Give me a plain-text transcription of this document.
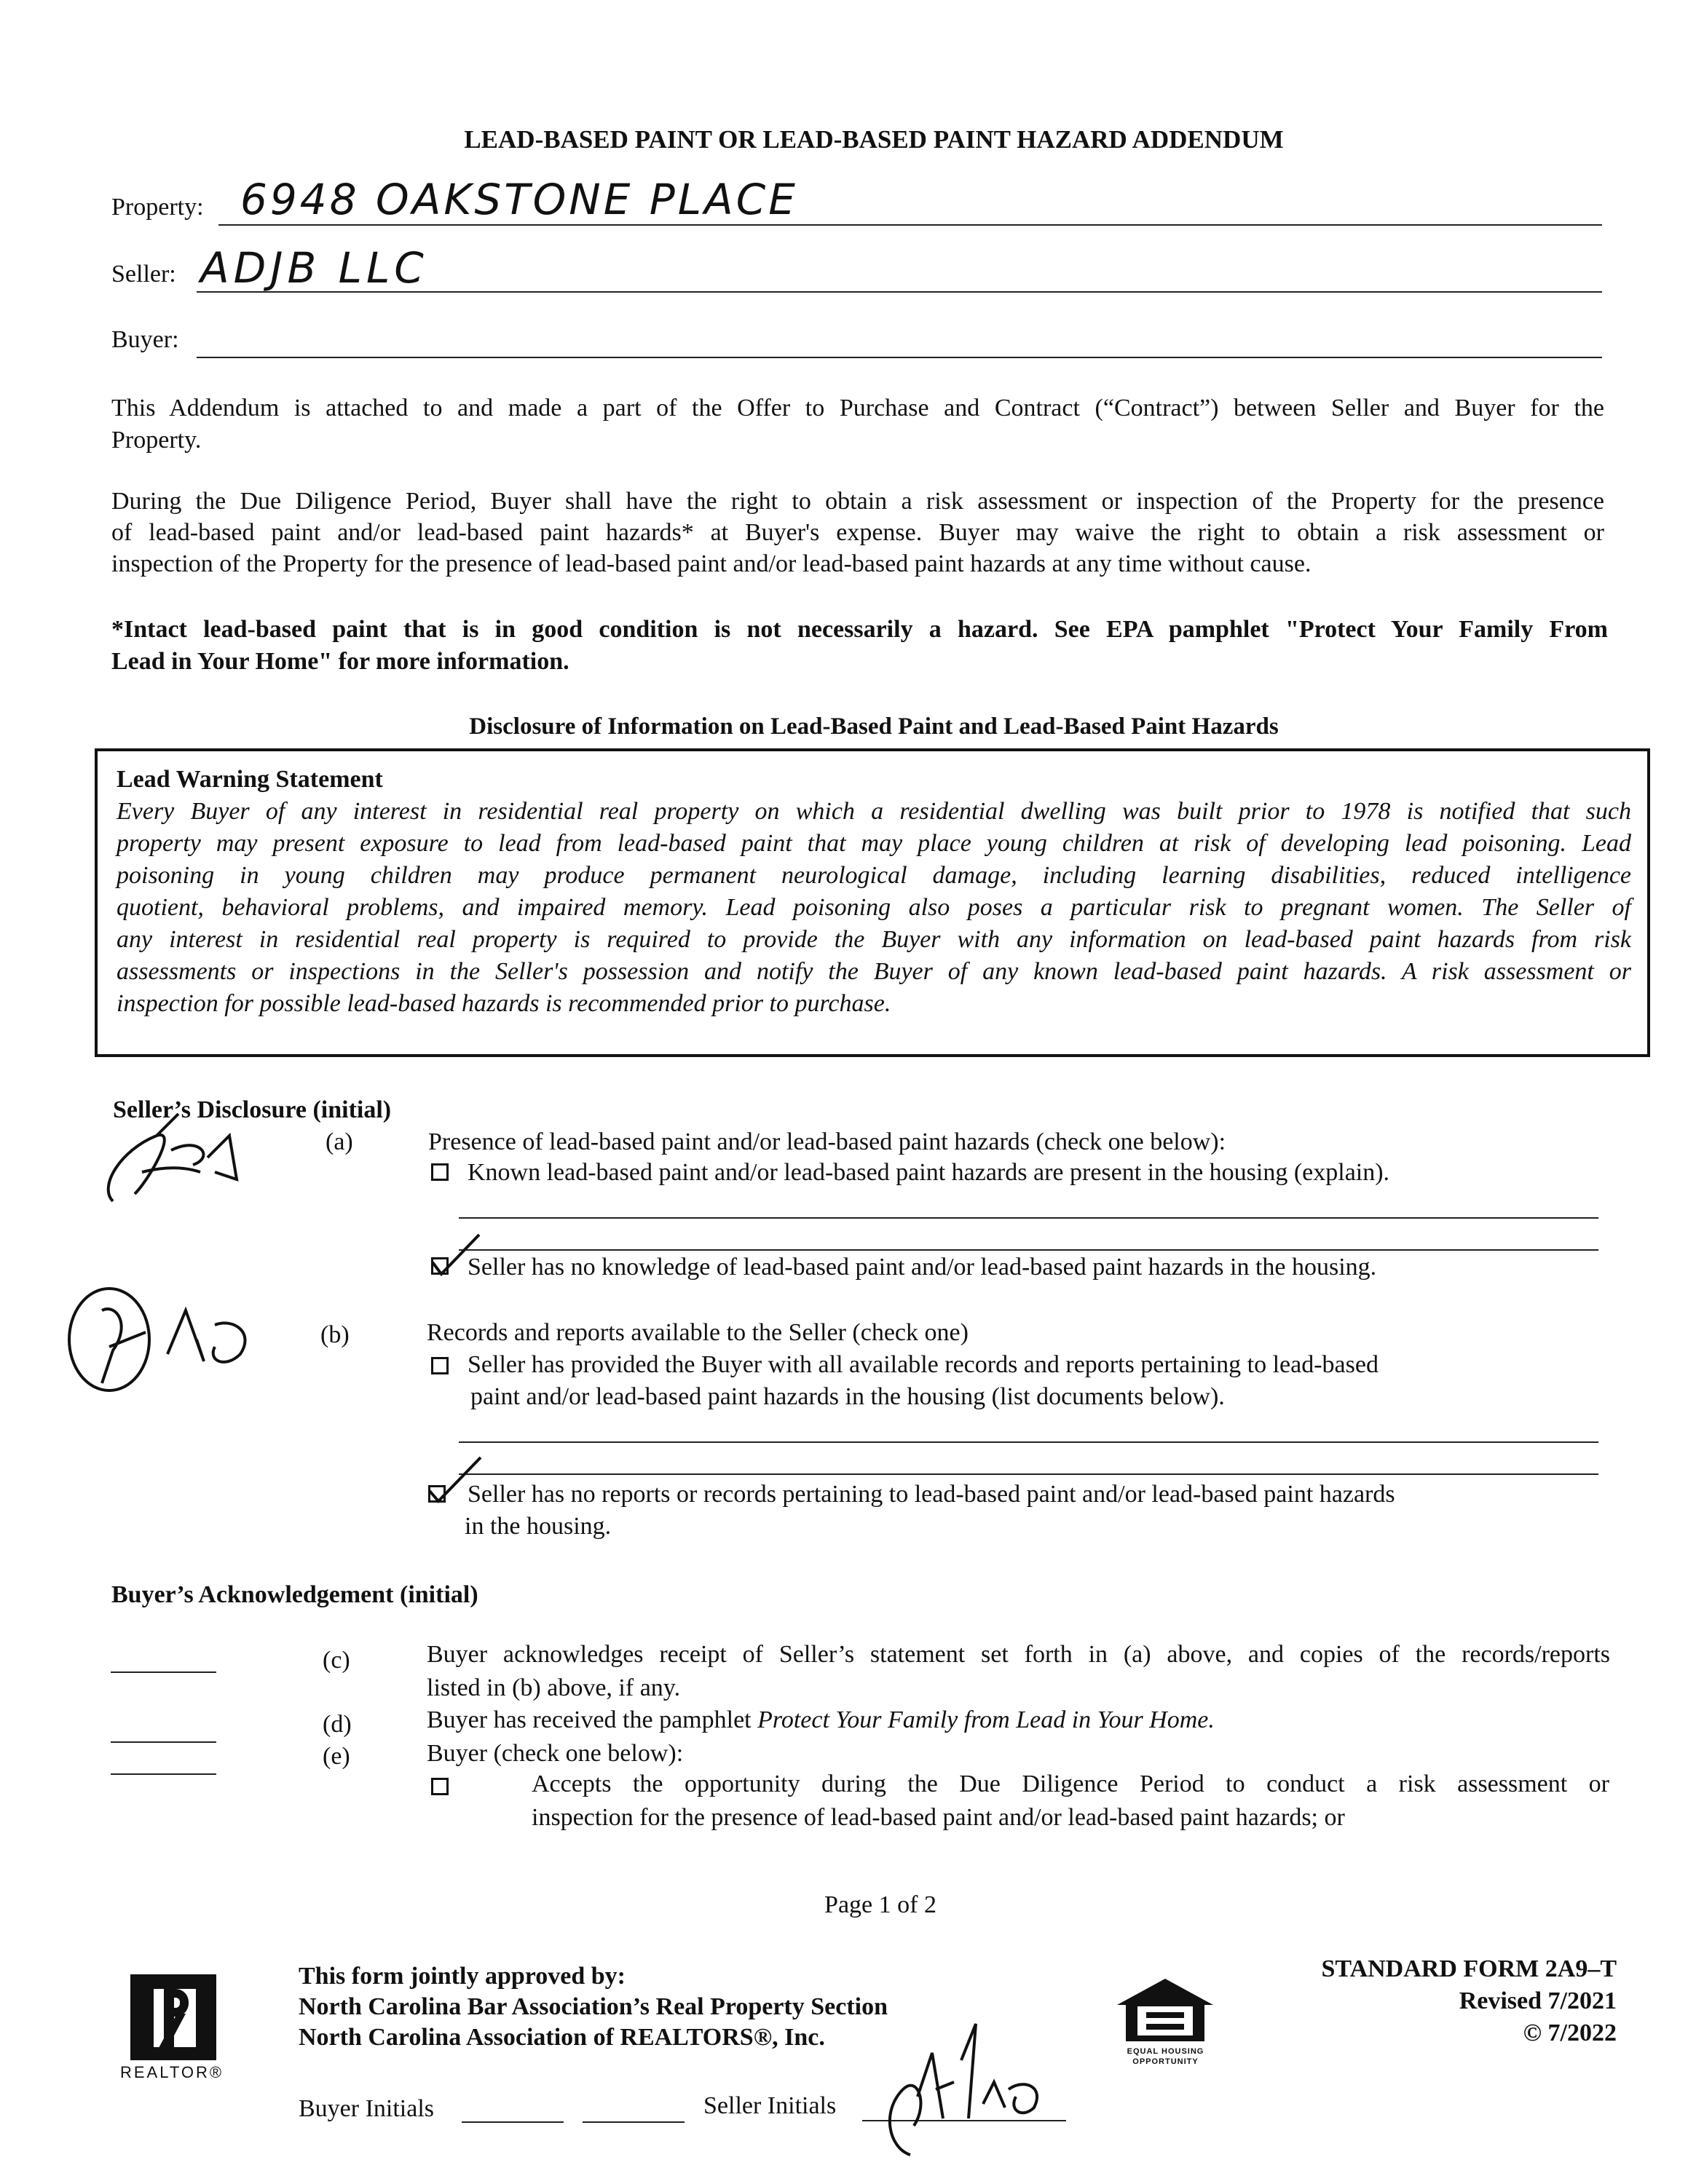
LEAD-BASED PAINT OR LEAD-BASED PAINT HAZARD ADDENDUM
Property: 6948 OAKSTONE PLACE
Seller: ADJB LLC
Buyer:
This Addendum is attached to and made a part of the Offer to Purchase and Contract (“Contract”) between Seller and Buyer for the
Property.
During the Due Diligence Period, Buyer shall have the right to obtain a risk assessment or inspection of the Property for the presence
of lead-based paint and/or lead-based paint hazards* at Buyer's expense. Buyer may waive the right to obtain a risk assessment or
inspection of the Property for the presence of lead-based paint and/or lead-based paint hazards at any time without cause.
*Intact lead-based paint that is in good condition is not necessarily a hazard. See EPA pamphlet "Protect Your Family From
Lead in Your Home" for more information.
Disclosure of Information on Lead-Based Paint and Lead-Based Paint Hazards
Lead Warning Statement
Every Buyer of any interest in residential real property on which a residential dwelling was built prior to 1978 is notified that such
property may present exposure to lead from lead-based paint that may place young children at risk of developing lead poisoning. Lead
poisoning in young children may produce permanent neurological damage, including learning disabilities, reduced intelligence
quotient, behavioral problems, and impaired memory. Lead poisoning also poses a particular risk to pregnant women. The Seller of
any interest in residential real property is required to provide the Buyer with any information on lead-based paint hazards from risk
assessments or inspections in the Seller's possession and notify the Buyer of any known lead-based paint hazards. A risk assessment or
inspection for possible lead-based hazards is recommended prior to purchase.
Seller’s Disclosure (initial)
(a)	Presence of lead-based paint and/or lead-based paint hazards (check one below):
Known lead-based paint and/or lead-based paint hazards are present in the housing (explain).
Seller has no knowledge of lead-based paint and/or lead-based paint hazards in the housing.
(b)	Records and reports available to the Seller (check one)
Seller has provided the Buyer with all available records and reports pertaining to lead-based
paint and/or lead-based paint hazards in the housing (list documents below).
Seller has no reports or records pertaining to lead-based paint and/or lead-based paint hazards
in the housing.
Buyer’s Acknowledgement (initial)
(c)	Buyer acknowledges receipt of Seller’s statement set forth in (a) above, and copies of the records/reports
listed in (b) above, if any.
(d)	Buyer has received the pamphlet Protect Your Family from Lead in Your Home.
(e)	Buyer (check one below):
Accepts the opportunity during the Due Diligence Period to conduct a risk assessment or
inspection for the presence of lead-based paint and/or lead-based paint hazards; or
Page 1 of 2
REALTOR®
This form jointly approved by:
North Carolina Bar Association’s Real Property Section
North Carolina Association of REALTORS®, Inc.
Buyer Initials	Seller Initials
EQUAL HOUSING
OPPORTUNITY
STANDARD FORM 2A9–T
Revised 7/2021
© 7/2022
